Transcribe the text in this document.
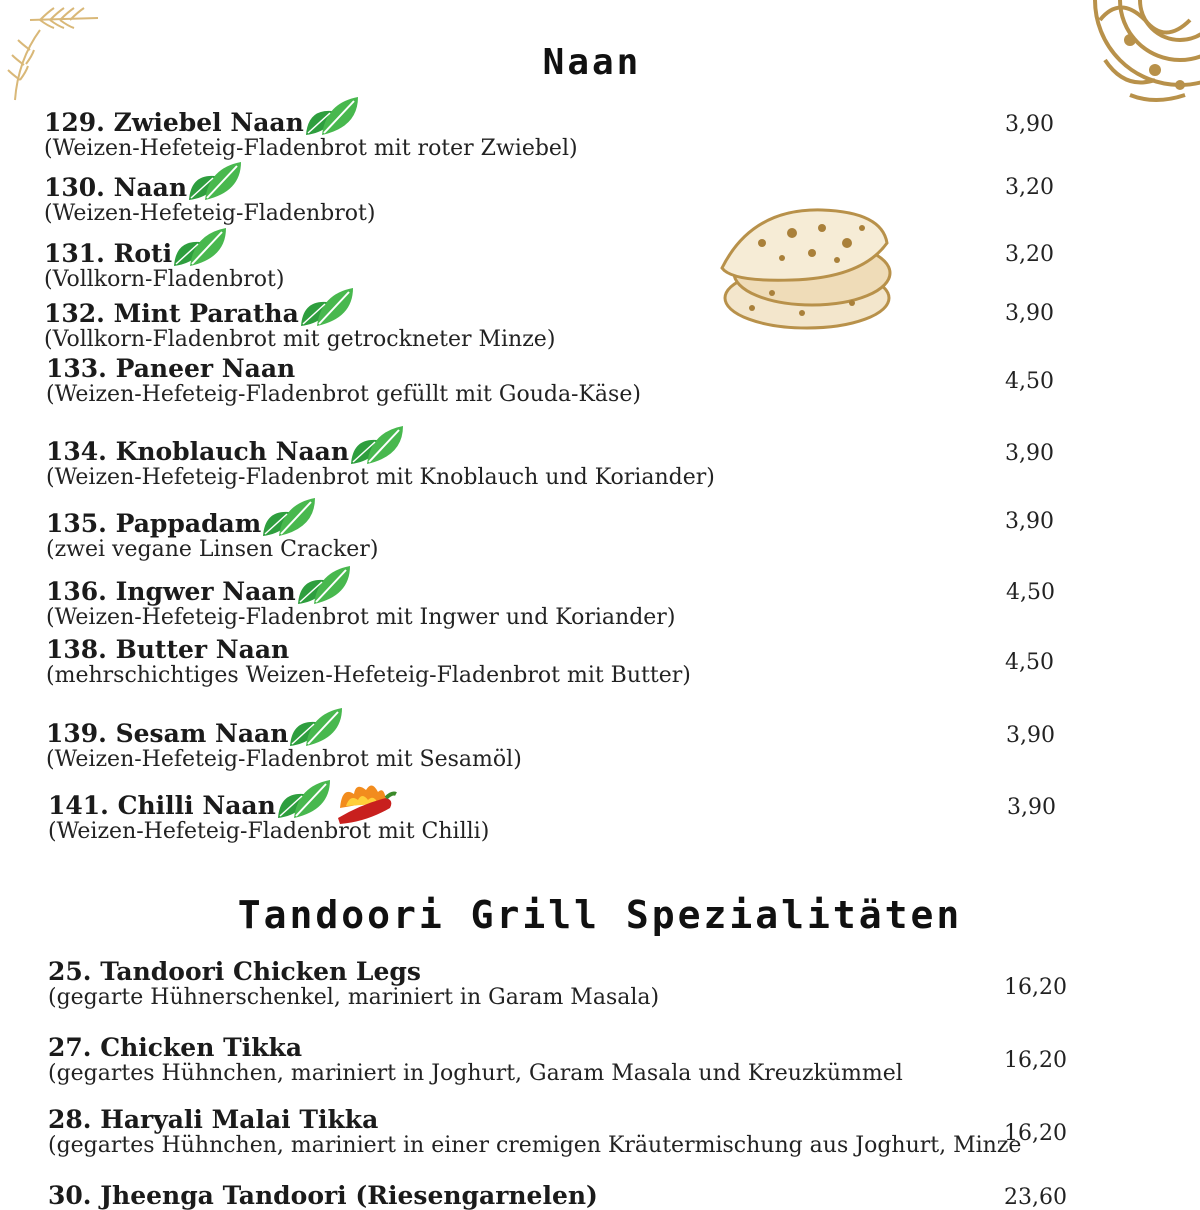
Naan
129. Zwiebel Naan
(Weizen-Hefeteig-Fladenbrot mit roter Zwiebel)
3,90
130. Naan
(Weizen-Hefeteig-Fladenbrot)
3,20
131. Roti
(Vollkorn-Fladenbrot)
3,20
132. Mint Paratha
(Vollkorn-Fladenbrot mit getrockneter Minze)
3,90
133. Paneer Naan
(Weizen-Hefeteig-Fladenbrot gefüllt mit Gouda-Käse)
4,50
134. Knoblauch Naan
(Weizen-Hefeteig-Fladenbrot mit Knoblauch und Koriander)
3,90
135. Pappadam
(zwei vegane Linsen Cracker)
3,90
136. Ingwer Naan
(Weizen-Hefeteig-Fladenbrot mit Ingwer und Koriander)
4,50
138. Butter Naan
(mehrschichtiges Weizen-Hefeteig-Fladenbrot mit Butter)
4,50
139. Sesam Naan
(Weizen-Hefeteig-Fladenbrot mit Sesamöl)
3,90
141. Chilli Naan
(Weizen-Hefeteig-Fladenbrot mit Chilli)
3,90
Tandoori Grill Spezialitäten
25. Tandoori Chicken Legs
(gegarte Hühnerschenkel, mariniert in Garam Masala)	16,20
27. Chicken Tikka
(gegartes Hühnchen, mariniert in Joghurt, Garam Masala und Kreuzkümmel
16,20
28. Haryali Malai Tikka
(gegartes Hühnchen, mariniert in einer cremigen Kräutermischung aus Joghurt, Minze
16,20
30. Jheenga Tandoori (Riesengarnelen)	23,60
